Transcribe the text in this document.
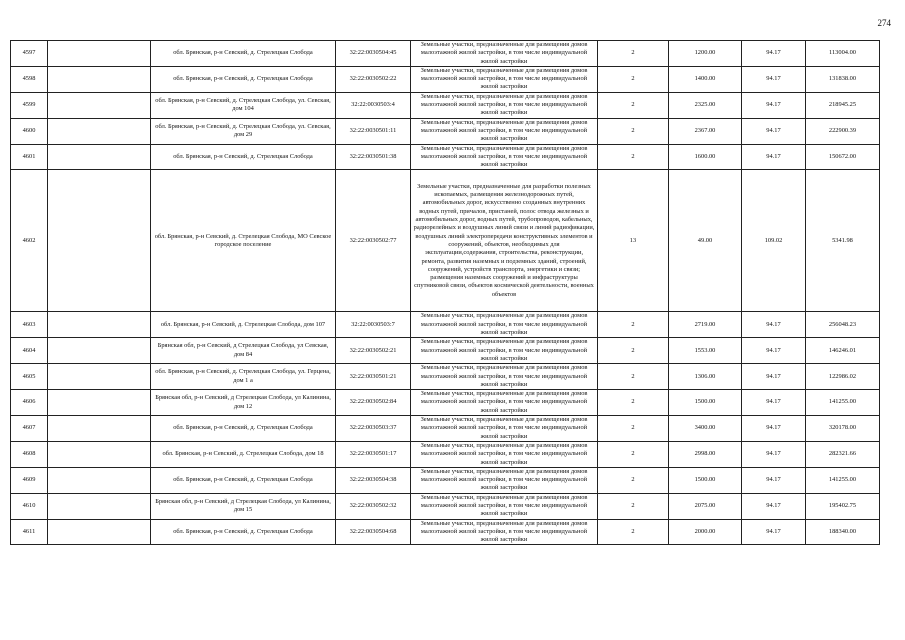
274
4597		обл. Брянская, р-н Севский, д. Стрелецкая Слобода	32:22:0030504:45	Земельные участки, предназначенные для размещения домов малоэтажной жилой застройки, в том числе индивидуальной жилой застройки	2	1200.00	94.17	113004.00
4598		обл. Брянская, р-н Севский, д. Стрелецкая Слобода	32:22:0030502:22	Земельные участки, предназначенные для размещения домов малоэтажной жилой застройки, в том числе индивидуальной жилой застройки	2	1400.00	94.17	131838.00
4599		обл. Брянская, р-н Севский, д. Стрелецкая Слобода, ул. Севская, дом 104	32:22:0030503:4	Земельные участки, предназначенные для размещения домов малоэтажной жилой застройки, в том числе индивидуальной жилой застройки	2	2325.00	94.17	218945.25
4600		обл. Брянская, р-н Севский, д. Стрелецкая Слобода, ул. Севская, дом 29	32:22:0030501:11	Земельные участки, предназначенные для размещения домов малоэтажной жилой застройки, в том числе индивидуальной жилой застройки	2	2367.00	94.17	222900.39
4601		обл. Брянская, р-н Севский, д. Стрелецкая Слобода	32:22:0030501:38	Земельные участки, предназначенные для размещения домов малоэтажной жилой застройки, в том числе индивидуальной жилой застройки	2	1600.00	94.17	150672.00
4602		обл. Брянская, р-н Севский, д. Стрелецкая Слобода, МО Севское городское поселение	32:22:0030502:77	Земельные участки, предназначенные для разработки полезных ископаемых, размещения железнодорожных путей, автомобильных дорог, искусственно созданных внутренних водных путей, причалов, пристаней, полос отвода железных и автомобильных дорог, водных путей, трубопроводов, кабельных, радиорелейных и воздушных линий связи и линий радиофикации, воздушных линий электропередачи конструктивных элементов и сооружений, объектов, необходимых для эксплуатации,содержания, строительства, реконструкции, ремонта, развития наземных и подземных зданий, строений, сооружений, устройств транспорта, энергетики и связи; размещения наземных сооружений и инфраструктуры спутниковой связи, объектов космической деятельности, военных объектов	13	49.00	109.02	5341.98
4603		обл. Брянская, р-н Севский, д. Стрелецкая Слобода, дом 107	32:22:0030503:7	Земельные участки, предназначенные для размещения домов малоэтажной жилой застройки, в том числе индивидуальной жилой застройки	2	2719.00	94.17	256048.23
4604		Брянская обл, р-н Севский, д Стрелецкая Слобода, ул Севская, дом 84	32:22:0030502:21	Земельные участки, предназначенные для размещения домов малоэтажной жилой застройки, в том числе индивидуальной жилой застройки	2	1553.00	94.17	146246.01
4605		обл. Брянская, р-н Севский, д. Стрелецкая Слобода, ул. Герцена, дом 1 а	32:22:0030501:21	Земельные участки, предназначенные для размещения домов малоэтажной жилой застройки, в том числе индивидуальной жилой застройки	2	1306.00	94.17	122986.02
4606		Брянская обл, р-н Севский, д Стрелецкая Слобода, ул Калинина, дом 12	32:22:0030502:84	Земельные участки, предназначенные для размещения домов малоэтажной жилой застройки, в том числе индивидуальной жилой застройки	2	1500.00	94.17	141255.00
4607		обл. Брянская, р-н Севский, д. Стрелецкая Слобода	32:22:0030503:37	Земельные участки, предназначенные для размещения домов малоэтажной жилой застройки, в том числе индивидуальной жилой застройки	2	3400.00	94.17	320178.00
4608		обл. Брянская, р-н Севский, д. Стрелецкая Слобода, дом 18	32:22:0030501:17	Земельные участки, предназначенные для размещения домов малоэтажной жилой застройки, в том числе индивидуальной жилой застройки	2	2998.00	94.17	282321.66
4609		обл. Брянская, р-н Севский, д. Стрелецкая Слобода	32:22:0030504:38	Земельные участки, предназначенные для размещения домов малоэтажной жилой застройки, в том числе индивидуальной жилой застройки	2	1500.00	94.17	141255.00
4610		Брянская обл, р-н Севский, д Стрелецкая Слобода, ул Калинина, дом 15	32:22:0030502:32	Земельные участки, предназначенные для размещения домов малоэтажной жилой застройки, в том числе индивидуальной жилой застройки	2	2075.00	94.17	195402.75
4611		обл. Брянская, р-н Севский, д. Стрелецкая Слобода	32:22:0030504:68	Земельные участки, предназначенные для размещения домов малоэтажной жилой застройки, в том числе индивидуальной жилой застройки	2	2000.00	94.17	188340.00
